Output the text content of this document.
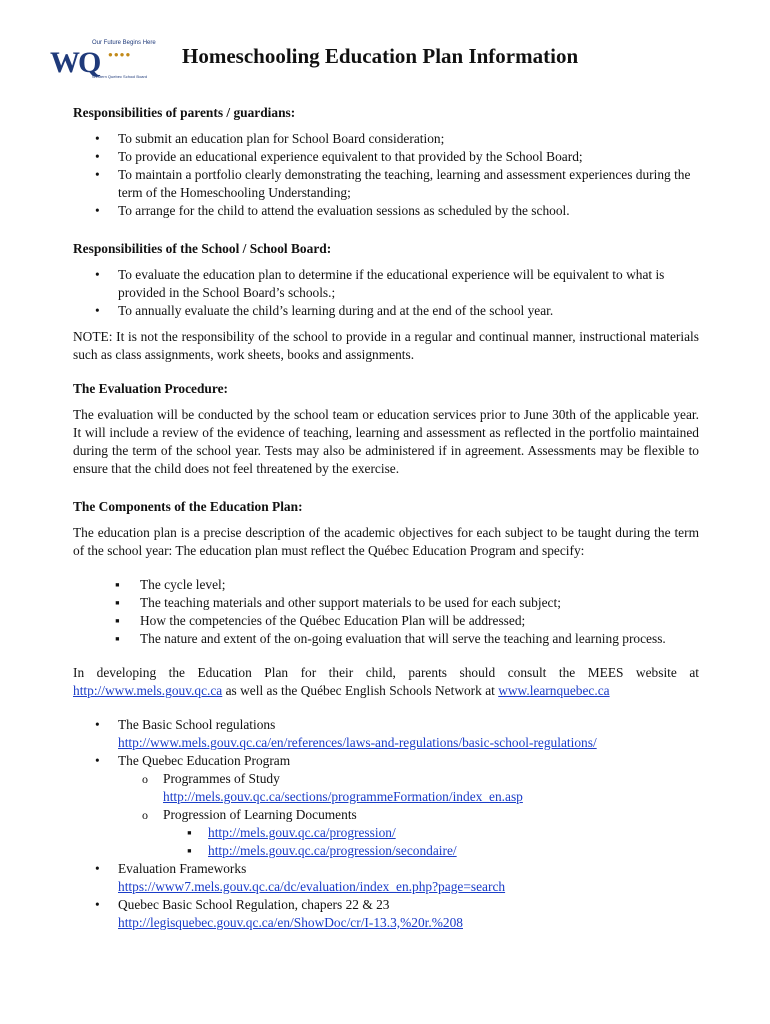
Our Future Begins Here
WQ ●●●●
Western Quebec School Board
Homeschooling Education Plan Information

Responsibilities of parents / guardians:

• To submit an education plan for School Board consideration;
• To provide an educational experience equivalent to that provided by the School Board;
• To maintain a portfolio clearly demonstrating the teaching, learning and assessment experiences during the term of the Homeschooling Understanding;
• To arrange for the child to attend the evaluation sessions as scheduled by the school.

Responsibilities of the School / School Board:

• To evaluate the education plan to determine if the educational experience will be equivalent to what is provided in the School Board’s schools.;
• To annually evaluate the child’s learning during and at the end of the school year.

NOTE: It is not the responsibility of the school to provide in a regular and continual manner, instructional materials such as class assignments, work sheets, books and assignments.

The Evaluation Procedure:

The evaluation will be conducted by the school team or education services prior to June 30th of the applicable year. It will include a review of the evidence of teaching, learning and assessment as reflected in the portfolio maintained during the term of the school year. Tests may also be administered if in agreement. Assessments may be flexible to ensure that the child does not feel threatened by the exercise.

The Components of the Education Plan:

The education plan is a precise description of the academic objectives for each subject to be taught during the term of the school year: The education plan must reflect the Québec Education Program and specify:

▪ The cycle level;
▪ The teaching materials and other support materials to be used for each subject;
▪ How the competencies of the Québec Education Plan will be addressed;
▪ The nature and extent of the on-going evaluation that will serve the teaching and learning process.

In developing the Education Plan for their child, parents should consult the MEES website at http://www.mels.gouv.qc.ca as well as the Québec English Schools Network at www.learnquebec.ca

• The Basic School regulations
http://www.mels.gouv.qc.ca/en/references/laws-and-regulations/basic-school-regulations/
• The Quebec Education Program
o Programmes of Study
http://mels.gouv.qc.ca/sections/programmeFormation/index_en.asp
o Progression of Learning Documents
▪ http://mels.gouv.qc.ca/progression/
▪ http://mels.gouv.qc.ca/progression/secondaire/
• Evaluation Frameworks
https://www7.mels.gouv.qc.ca/dc/evaluation/index_en.php?page=search
• Quebec Basic School Regulation, chapers 22 & 23
http://legisquebec.gouv.qc.ca/en/ShowDoc/cr/I-13.3,%20r.%208
